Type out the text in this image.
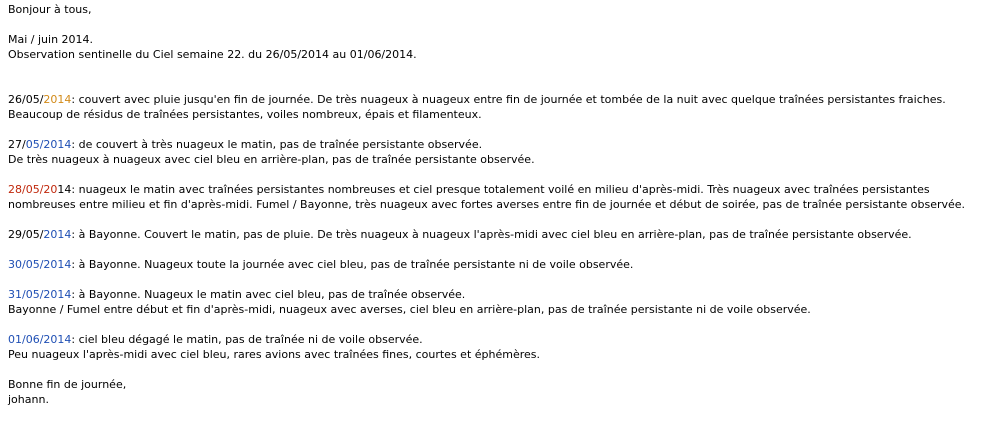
Bonjour à tous,

Mai / juin 2014.

Observation sentinelle du Ciel semaine 22. du 26/05/2014 au 01/06/2014.

26/05/2014: couvert avec pluie jusqu'en fin de journée. De très nuageux à nuageux entre fin de journée et tombée de la nuit avec quelque traînées persistantes fraiches.

Beaucoup de résidus de traînées persistantes, voiles nombreux, épais et filamenteux.

27/05/2014: de couvert à très nuageux le matin, pas de traînée persistante observée.

De très nuageux à nuageux avec ciel bleu en arrière-plan, pas de traînée persistante observée.

28/05/2014: nuageux le matin avec traînées persistantes nombreuses et ciel presque totalement voilé en milieu d'après-midi. Très nuageux avec traînées persistantes nombreuses entre milieu et fin d'après-midi. Fumel / Bayonne, très nuageux avec fortes averses entre fin de journée et début de soirée, pas de traînée persistante observée.

29/05/2014: à Bayonne. Couvert le matin, pas de pluie. De très nuageux à nuageux l'après-midi avec ciel bleu en arrière-plan, pas de traînée persistante observée.

30/05/2014: à Bayonne. Nuageux toute la journée avec ciel bleu, pas de traînée persistante ni de voile observée.

31/05/2014: à Bayonne. Nuageux le matin avec ciel bleu, pas de traînée observée.

Bayonne / Fumel entre début et fin d'après-midi, nuageux avec averses, ciel bleu en arrière-plan, pas de traînée persistante ni de voile observée.

01/06/2014: ciel bleu dégagé le matin, pas de traînée ni de voile observée.

Peu nuageux l'après-midi avec ciel bleu, rares avions avec traînées fines, courtes et éphémères.

Bonne fin de journée,

johann.
